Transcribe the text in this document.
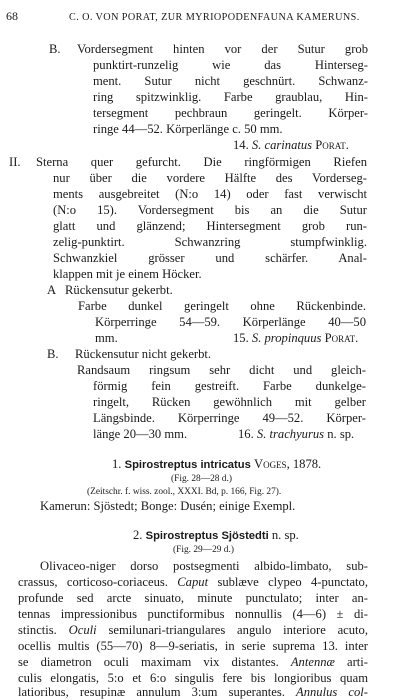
68	C. O. VON PORAT, ZUR MYRIOPODENFAUNA KAMERUNS.
B. Vordersegment hinten vor der Sutur grob
punktirt-runzelig wie das Hinterseg-
ment. Sutur nicht geschnürt. Schwanz-
ring spitzwinklig. Farbe graublau, Hin-
tersegment pechbraun geringelt. Körper-
ringe 44—52. Körperlänge c. 50 mm.
14. S. carinatus Porat.
II. Sterna quer gefurcht. Die ringförmigen Riefen
nur über die vordere Hälfte des Vorderseg-
ments ausgebreitet (N:o 14) oder fast verwischt
(N:o 15). Vordersegment bis an die Sutur
glatt und glänzend; Hintersegment grob run-
zelig-punktirt. Schwanzring stumpfwinklig.
Schwanzkiel grösser und schärfer. Anal-
klappen mit je einem Höcker.
A Rückensutur gekerbt.
Farbe dunkel geringelt ohne Rückenbinde.
Körperringe 54—59. Körperlänge 40—50
mm.	15. S. propinquus Porat.
B. Rückensutur nicht gekerbt.
Randsaum ringsum sehr dicht und gleich-
förmig fein gestreift. Farbe dunkelge-
ringelt, Rücken gewöhnlich mit gelber
Längsbinde. Körperringe 49—52. Körper-
länge 20—30 mm.	16. S. trachyurus n. sp.
1. Spirostreptus intricatus Voges, 1878.
(Fig. 28—28 d.)
(Zeitschr. f. wiss. zool., XXXI. Bd, p. 166, Fig. 27).
Kamerun: Sjöstedt; Bonge: Dusén; einige Exempl.
2. Spirostreptus Sjöstedti n. sp.
(Fig. 29—29 d.)
Olivaceo-niger dorso postsegmenti albido-limbato, sub-
crassus, corticoso-coriaceus. Caput sublæve clypeo 4-punctato,
profunde sed arcte sinuato, minute punctulato; inter an-
tennas impressionibus punctiformibus nonnullis (4—6) ± di-
stinctis. Oculi semilunari-triangulares angulo interiore acuto,
ocellis multis (55—70) 8—9-seriatis, in serie suprema 13. inter
se diametron oculi maximam vix distantes. Antennæ arti-
culis elongatis, 5:o et 6:o singulis fere bis longioribus quam
latioribus, resupinæ annulum 3:um superantes. Annulus col-
